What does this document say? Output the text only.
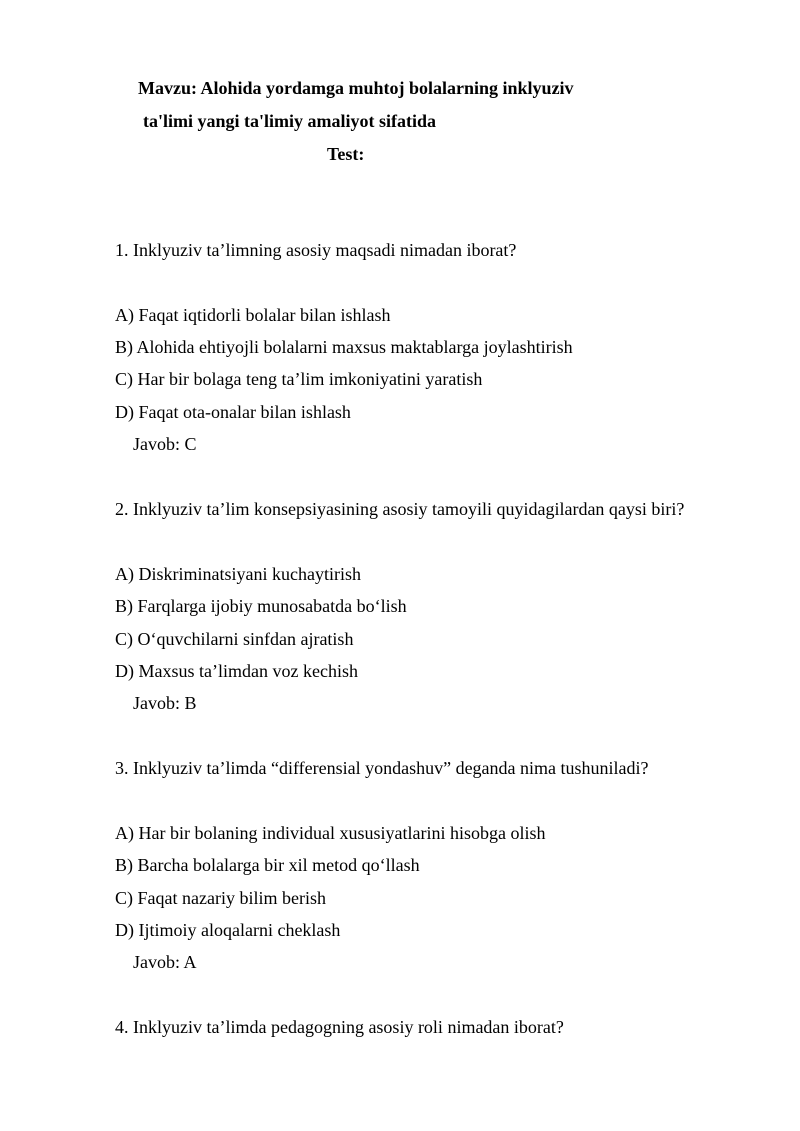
Mavzu: Alohida yordamga muhtoj bolalarning inklyuziv
ta'limi yangi ta'limiy amaliyot sifatida
Test:
1. Inklyuziv ta’limning asosiy maqsadi nimadan iborat?
A) Faqat iqtidorli bolalar bilan ishlash
B) Alohida ehtiyojli bolalarni maxsus maktablarga joylashtirish
C) Har bir bolaga teng ta’lim imkoniyatini yaratish
D) Faqat ota-onalar bilan ishlash
Javob: C
2. Inklyuziv ta’lim konsepsiyasining asosiy tamoyili quyidagilardan qaysi biri?
A) Diskriminatsiyani kuchaytirish
B) Farqlarga ijobiy munosabatda bo‘lish
C) O‘quvchilarni sinfdan ajratish
D) Maxsus ta’limdan voz kechish
Javob: B
3. Inklyuziv ta’limda “differensial yondashuv” deganda nima tushuniladi?
A) Har bir bolaning individual xususiyatlarini hisobga olish
B) Barcha bolalarga bir xil metod qo‘llash
C) Faqat nazariy bilim berish
D) Ijtimoiy aloqalarni cheklash
Javob: A
4. Inklyuziv ta’limda pedagogning asosiy roli nimadan iborat?
